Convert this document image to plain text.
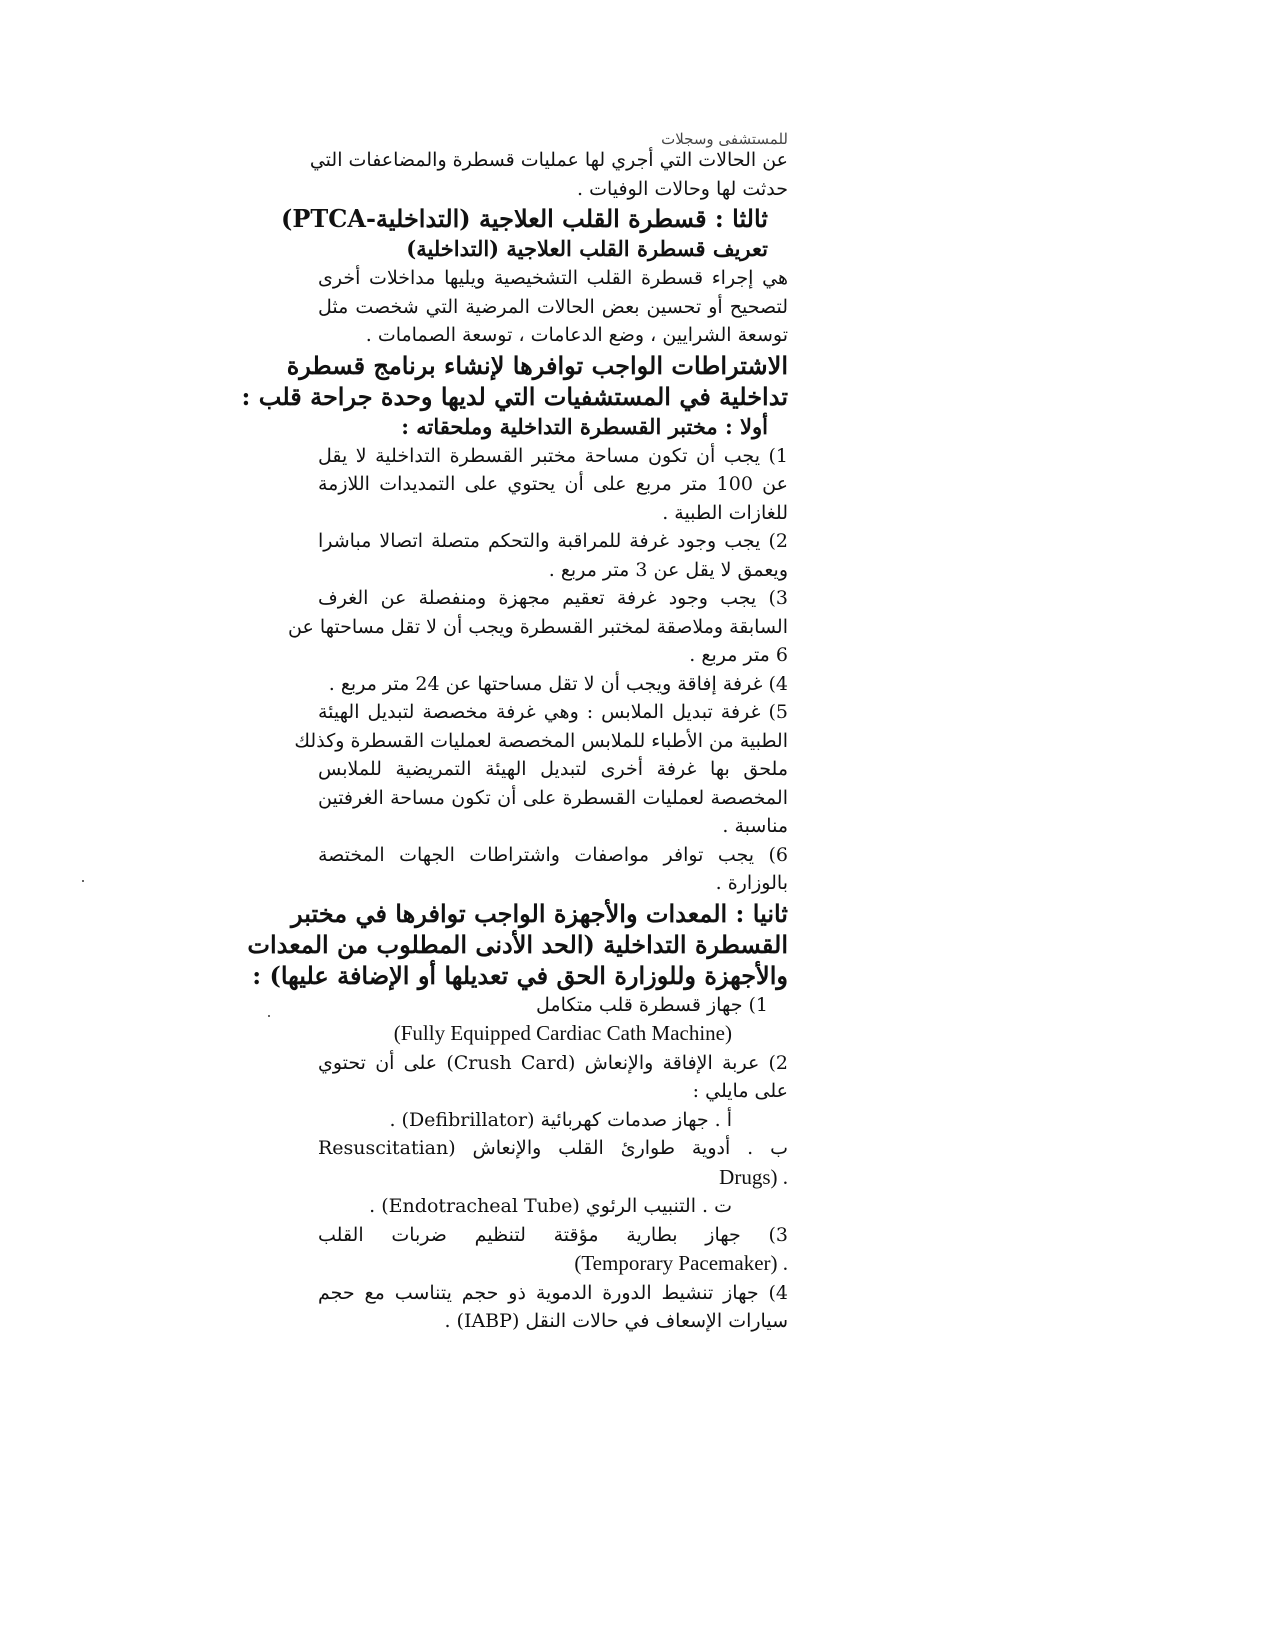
للمستشفى وسجلات
عن الحالات التي أجري لها عمليات قسطرة والمضاعفات التي
حدثت لها وحالات الوفيات .
ثالثا : قسطرة القلب العلاجية (التداخلية-PTCA)
تعريف قسطرة القلب العلاجية (التداخلية)
هي إجراء قسطرة القلب التشخيصية ويليها مداخلات أخرى
لتصحيح أو تحسين بعض الحالات المرضية التي شخصت مثل
توسعة الشرايين ، وضع الدعامات ، توسعة الصمامات .
الاشتراطات الواجب توافرها لإنشاء برنامج قسطرة
تداخلية في المستشفيات التي لديها وحدة جراحة قلب :
أولا : مختبر القسطرة التداخلية وملحقاته :
1) يجب أن تكون مساحة مختبر القسطرة التداخلية لا يقل
عن 100 متر مربع على أن يحتوي على التمديدات اللازمة
للغازات الطبية .
2) يجب وجود غرفة للمراقبة والتحكم متصلة اتصالا مباشرا
ويعمق لا يقل عن 3 متر مربع .
3) يجب وجود غرفة تعقيم مجهزة ومنفصلة عن الغرف
السابقة وملاصقة لمختبر القسطرة ويجب أن لا تقل مساحتها عن
6 متر مربع .
4) غرفة إفاقة ويجب أن لا تقل مساحتها عن 24 متر مربع .
5) غرفة تبديل الملابس : وهي غرفة مخصصة لتبديل الهيئة
الطبية من الأطباء للملابس المخصصة لعمليات القسطرة وكذلك
ملحق بها غرفة أخرى لتبديل الهيئة التمريضية للملابس
المخصصة لعمليات القسطرة على أن تكون مساحة الغرفتين
مناسبة .
6) يجب توافر مواصفات واشتراطات الجهات المختصة
بالوزارة .
ثانيا : المعدات والأجهزة الواجب توافرها في مختبر
القسطرة التداخلية (الحد الأدنى المطلوب من المعدات
والأجهزة وللوزارة الحق في تعديلها أو الإضافة عليها) :
1) جهاز قسطرة قلب متكامل
(Fully Equipped Cardiac Cath Machine)
2) عربة الإفاقة والإنعاش (Crush Card) على أن تحتوي
على مايلي :
أ . جهاز صدمات كهربائية (Defibrillator) .
ب . أدوية طوارئ القلب والإنعاش (Resuscitatian
Drugs) .
ت . التنبيب الرئوي (Endotracheal Tube) .
3) جهاز بطارية مؤقتة لتنظيم ضربات القلب
(Temporary Pacemaker) .
4) جهاز تنشيط الدورة الدموية ذو حجم يتناسب مع حجم
سيارات الإسعاف في حالات النقل (IABP) .
